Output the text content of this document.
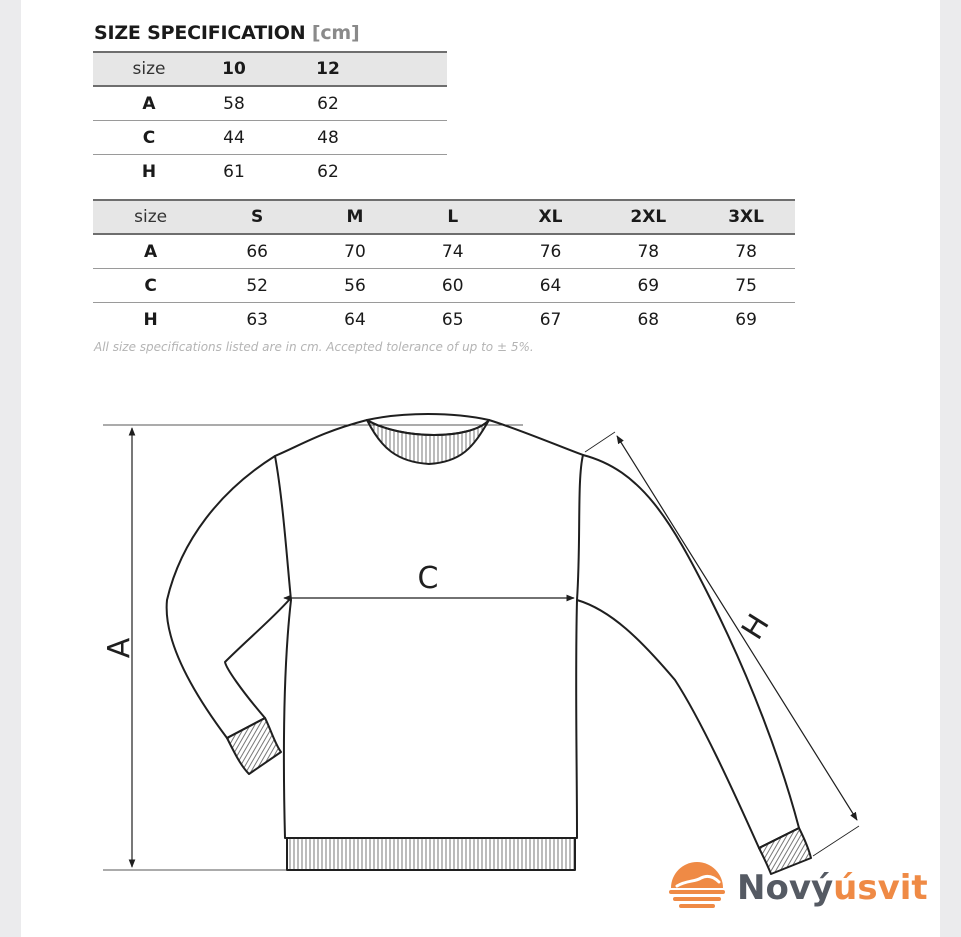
SIZE SPECIFICATION [cm]
size	10	12	
A	58	62	
C	44	48	
H	61	62	
size	S	M	L	XL	2XL	3XL
A	66	70	74	76	78	78
C	52	56	60	64	69	75
H	63	64	65	67	68	69
All size specifications listed are in cm. Accepted tolerance of up to ± 5%.
A
C
H
Novýúsvit
